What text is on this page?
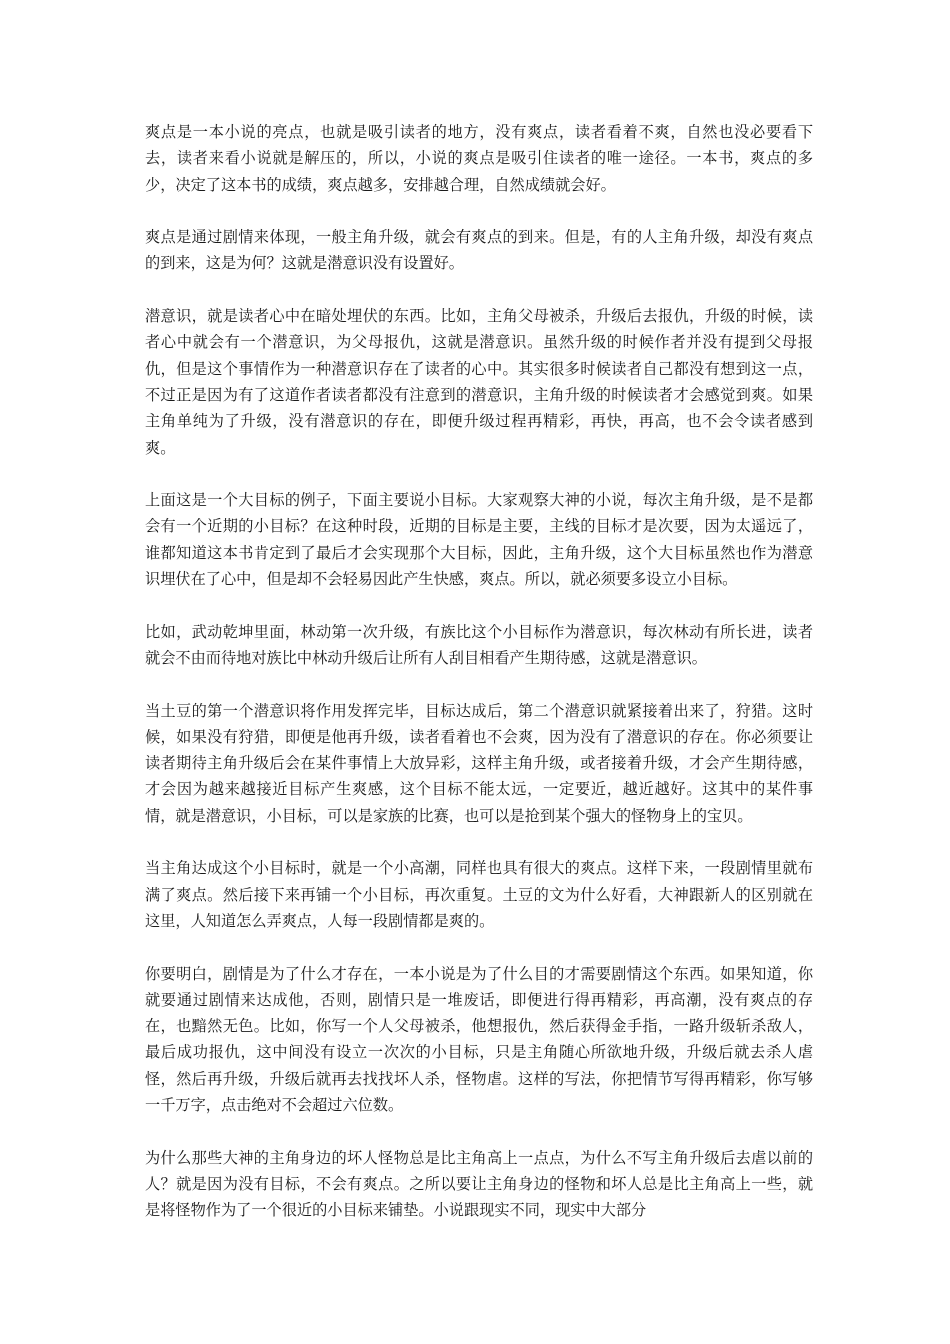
爽点是一本小说的亮点，也就是吸引读者的地方，没有爽点，读者看着不爽，自然也没必要看下去，读者来看小说就是解压的，所以，小说的爽点是吸引住读者的唯一途径。一本书，爽点的多少，决定了这本书的成绩，爽点越多，安排越合理，自然成绩就会好。

爽点是通过剧情来体现，一般主角升级，就会有爽点的到来。但是，有的人主角升级，却没有爽点的到来，这是为何？这就是潜意识没有设置好。

潜意识，就是读者心中在暗处埋伏的东西。比如，主角父母被杀，升级后去报仇，升级的时候，读者心中就会有一个潜意识，为父母报仇，这就是潜意识。虽然升级的时候作者并没有提到父母报仇，但是这个事情作为一种潜意识存在了读者的心中。其实很多时候读者自己都没有想到这一点，不过正是因为有了这道作者读者都没有注意到的潜意识，主角升级的时候读者才会感觉到爽。如果主角单纯为了升级，没有潜意识的存在，即便升级过程再精彩，再快，再高，也不会令读者感到爽。

上面这是一个大目标的例子，下面主要说小目标。大家观察大神的小说，每次主角升级，是不是都会有一个近期的小目标？在这种时段，近期的目标是主要，主线的目标才是次要，因为太遥远了，谁都知道这本书肯定到了最后才会实现那个大目标，因此，主角升级，这个大目标虽然也作为潜意识埋伏在了心中，但是却不会轻易因此产生快感，爽点。所以，就必须要多设立小目标。

比如，武动乾坤里面，林动第一次升级，有族比这个小目标作为潜意识，每次林动有所长进，读者就会不由而待地对族比中林动升级后让所有人刮目相看产生期待感，这就是潜意识。

当土豆的第一个潜意识将作用发挥完毕，目标达成后，第二个潜意识就紧接着出来了，狩猎。这时候，如果没有狩猎，即便是他再升级，读者看着也不会爽，因为没有了潜意识的存在。你必须要让读者期待主角升级后会在某件事情上大放异彩，这样主角升级，或者接着升级，才会产生期待感，才会因为越来越接近目标产生爽感，这个目标不能太远，一定要近，越近越好。这其中的某件事情，就是潜意识，小目标，可以是家族的比赛，也可以是抢到某个强大的怪物身上的宝贝。

当主角达成这个小目标时，就是一个小高潮，同样也具有很大的爽点。这样下来，一段剧情里就布满了爽点。然后接下来再铺一个小目标，再次重复。土豆的文为什么好看，大神跟新人的区别就在这里，人知道怎么弄爽点，人每一段剧情都是爽的。

你要明白，剧情是为了什么才存在，一本小说是为了什么目的才需要剧情这个东西。如果知道，你就要通过剧情来达成他，否则，剧情只是一堆废话，即便进行得再精彩，再高潮，没有爽点的存在，也黯然无色。比如，你写一个人父母被杀，他想报仇，然后获得金手指，一路升级斩杀敌人，最后成功报仇，这中间没有设立一次次的小目标，只是主角随心所欲地升级，升级后就去杀人虐怪，然后再升级，升级后就再去找找坏人杀，怪物虐。这样的写法，你把情节写得再精彩，你写够一千万字，点击绝对不会超过六位数。

为什么那些大神的主角身边的坏人怪物总是比主角高上一点点，为什么不写主角升级后去虐以前的人？就是因为没有目标，不会有爽点。之所以要让主角身边的怪物和坏人总是比主角高上一些，就是将怪物作为了一个很近的小目标来铺垫。小说跟现实不同，现实中大部分
